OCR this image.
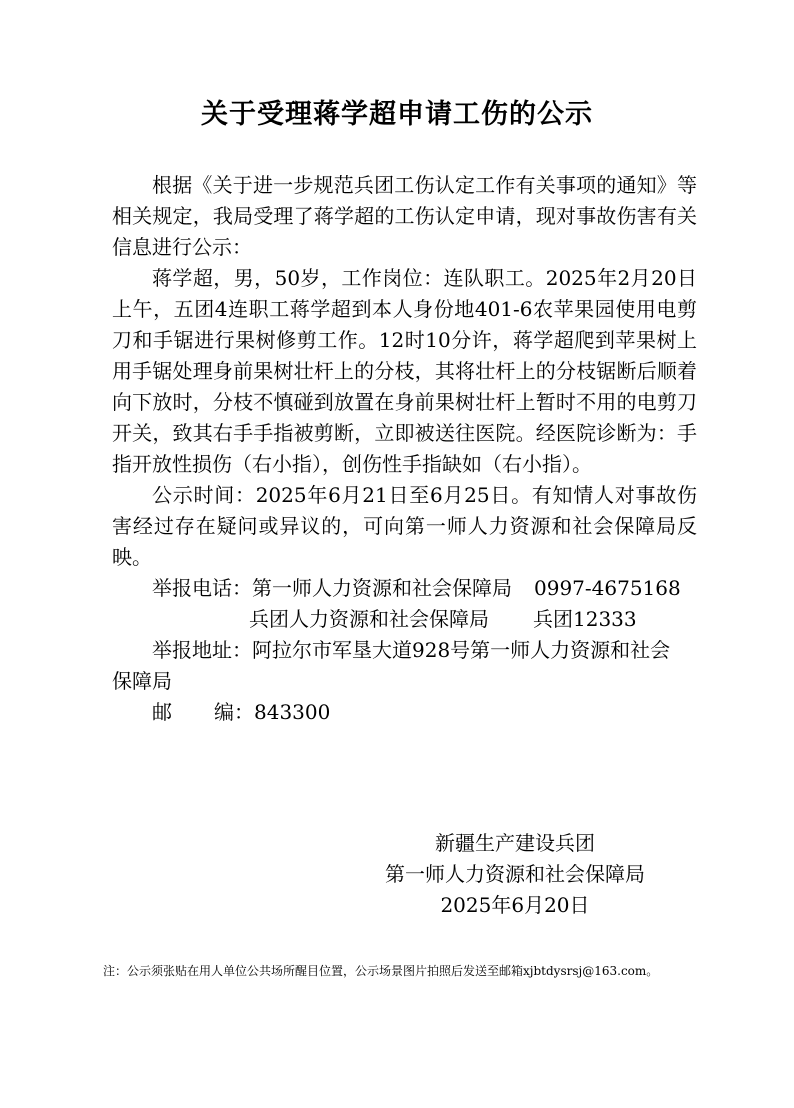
关于受理蒋学超申请工伤的公示

根据《关于进一步规范兵团工伤认定工作有关事项的通知》等相关规定，我局受理了蒋学超的工伤认定申请，现对事故伤害有关信息进行公示：

蒋学超，男，50岁，工作岗位：连队职工。2025年2月20日上午，五团4连职工蒋学超到本人身份地401-6农苹果园使用电剪刀和手锯进行果树修剪工作。12时10分许，蒋学超爬到苹果树上用手锯处理身前果树壮杆上的分枝，其将壮杆上的分枝锯断后顺着向下放时，分枝不慎碰到放置在身前果树壮杆上暂时不用的电剪刀开关，致其右手手指被剪断，立即被送往医院。经医院诊断为：手指开放性损伤（右小指），创伤性手指缺如（右小指）。

公示时间：2025年6月21日至6月25日。有知情人对事故伤害经过存在疑问或异议的，可向第一师人力资源和社会保障局反映。

举报电话：第一师人力资源和社会保障局 0997-4675168
兵团人力资源和社会保障局 兵团12333
举报地址：阿拉尔市军垦大道928号第一师人力资源和社会
保障局
邮 编：843300
新疆生产建设兵团
第一师人力资源和社会保障局
2025年6月20日
注：公示须张贴在用人单位公共场所醒目位置，公示场景图片拍照后发送至邮箱xjbtdysrsj@163.com。
